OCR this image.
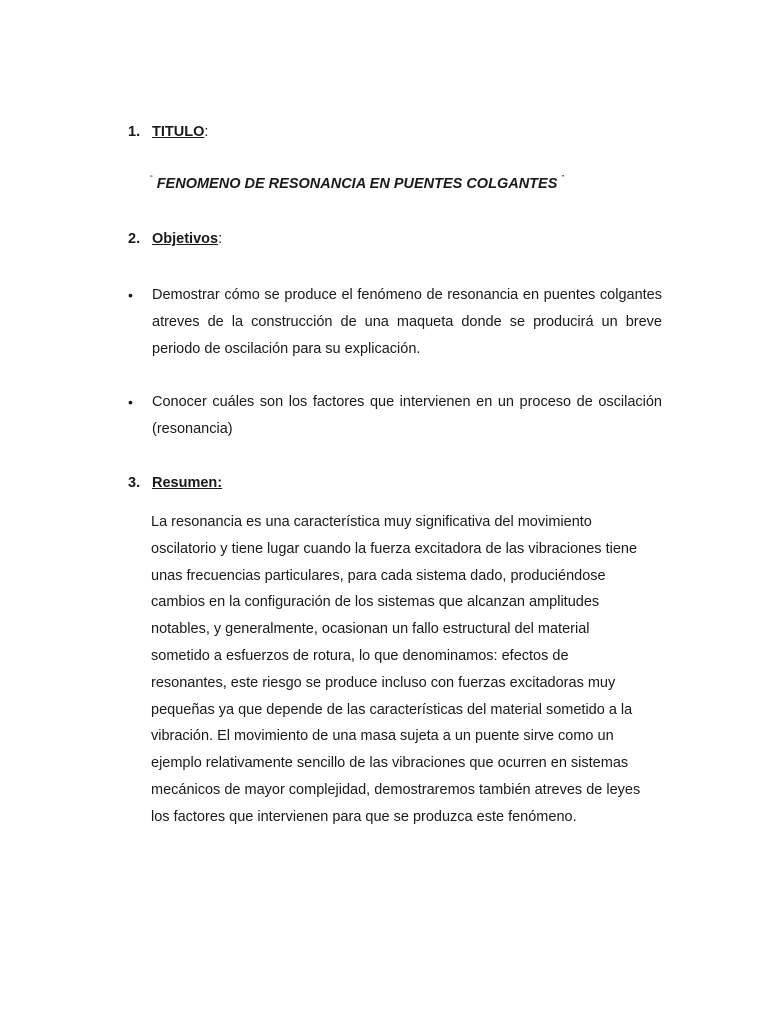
1. TITULO :
“ FENOMENO DE RESONANCIA EN PUENTES COLGANTES ”
2. Objetivos :
•	Demostrar cómo se produce el fenómeno de resonancia en puentes colgantes atreves de la construcción de una maqueta donde se producirá un breve periodo de oscilación para su explicación.
•	Conocer cuáles son los factores que intervienen en un proceso de oscilación (resonancia)
3. Resumen:
La resonancia es una característica muy significativa del movimiento
oscilatorio y tiene lugar cuando la fuerza excitadora de las vibraciones tiene
unas frecuencias particulares, para cada sistema dado, produciéndose
cambios en la configuración de los sistemas que alcanzan amplitudes
notables, y generalmente, ocasionan un fallo estructural del material
sometido a esfuerzos de rotura, lo que denominamos: efectos de
resonantes, este riesgo se produce incluso con fuerzas excitadoras muy
pequeñas ya que depende de las características del material sometido a la
vibración. El movimiento de una masa sujeta a un puente sirve como un
ejemplo relativamente sencillo de las vibraciones que ocurren en sistemas
mecánicos de mayor complejidad, demostraremos también atreves de leyes
los factores que intervienen para que se produzca este fenómeno.
